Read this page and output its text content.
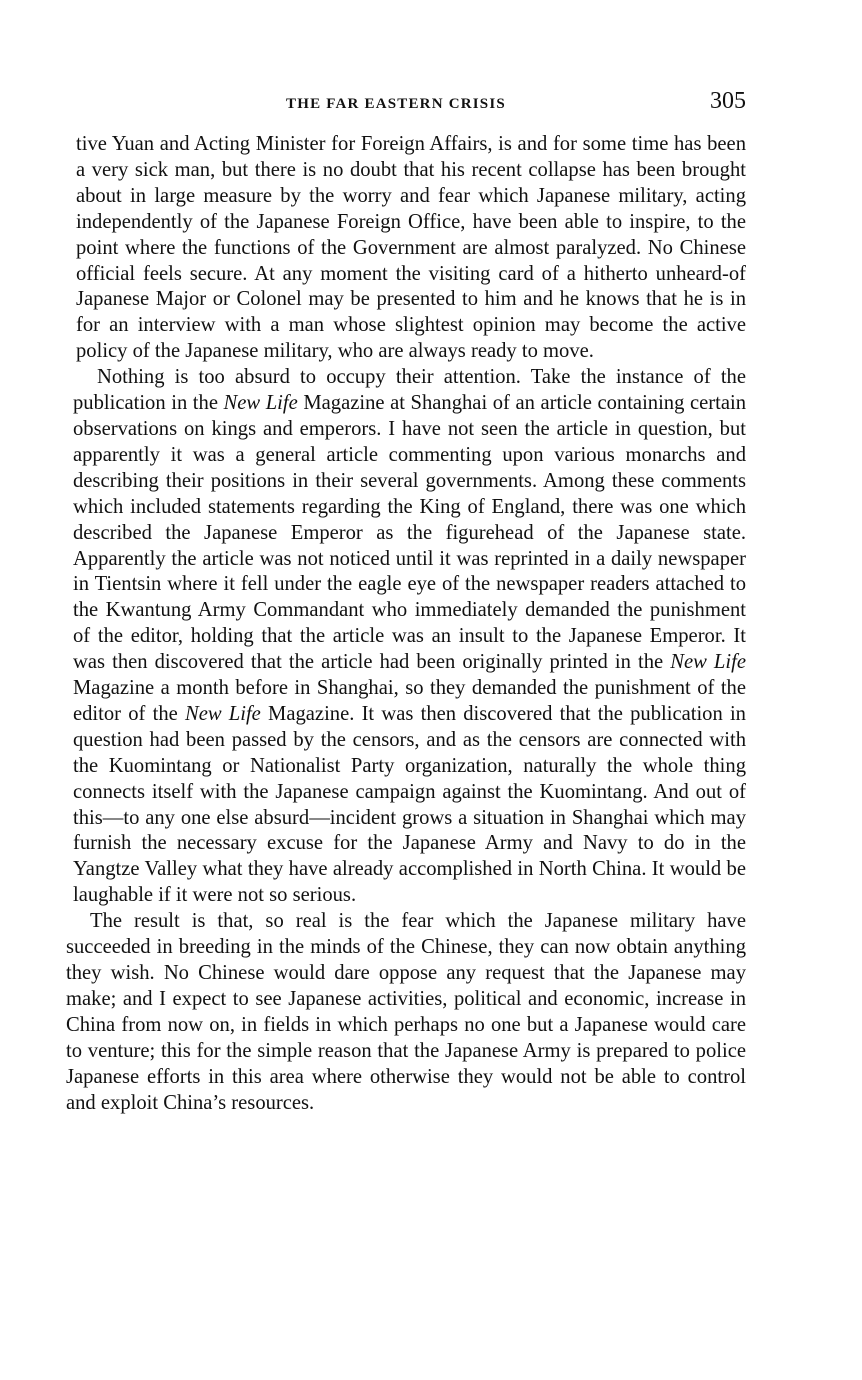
THE FAR EASTERN CRISIS	305

tive Yuan and Acting Minister for Foreign Affairs, is and for some time has been a very sick man, but there is no doubt that his recent collapse has been brought about in large measure by the worry and fear which Japanese military, acting independently of the Japanese Foreign Office, have been able to inspire, to the point where the functions of the Government are almost paralyzed. No Chinese official feels secure. At any moment the visiting card of a hitherto unheard-of Japanese Major or Colonel may be presented to him and he knows that he is in for an interview with a man whose slightest opinion may become the active policy of the Japanese military, who are always ready to move.

Nothing is too absurd to occupy their attention. Take the instance of the publication in the New Life Magazine at Shanghai of an article containing certain observations on kings and emperors. I have not seen the article in question, but apparently it was a general article commenting upon various monarchs and describing their positions in their several governments. Among these comments which included statements regarding the King of England, there was one which described the Japanese Emperor as the figurehead of the Japanese state. Apparently the article was not noticed until it was reprinted in a daily newspaper in Tientsin where it fell under the eagle eye of the newspaper readers attached to the Kwantung Army Commandant who immediately demanded the punishment of the editor, holding that the article was an insult to the Japanese Emperor. It was then discovered that the article had been originally printed in the New Life Magazine a month before in Shanghai, so they demanded the punishment of the editor of the New Life Magazine. It was then discovered that the publication in question had been passed by the censors, and as the censors are connected with the Kuomintang or Nationalist Party organization, naturally the whole thing connects itself with the Japanese campaign against the Kuomintang. And out of this—to any one else absurd—incident grows a situation in Shanghai which may furnish the necessary excuse for the Japanese Army and Navy to do in the Yangtze Valley what they have already accomplished in North China. It would be laughable if it were not so serious.

The result is that, so real is the fear which the Japanese military have succeeded in breeding in the minds of the Chinese, they can now obtain anything they wish. No Chinese would dare oppose any request that the Japanese may make; and I expect to see Japanese activities, political and economic, increase in China from now on, in fields in which perhaps no one but a Japanese would care to venture; this for the simple reason that the Japanese Army is prepared to police Japanese efforts in this area where otherwise they would not be able to control and exploit China’s resources.
